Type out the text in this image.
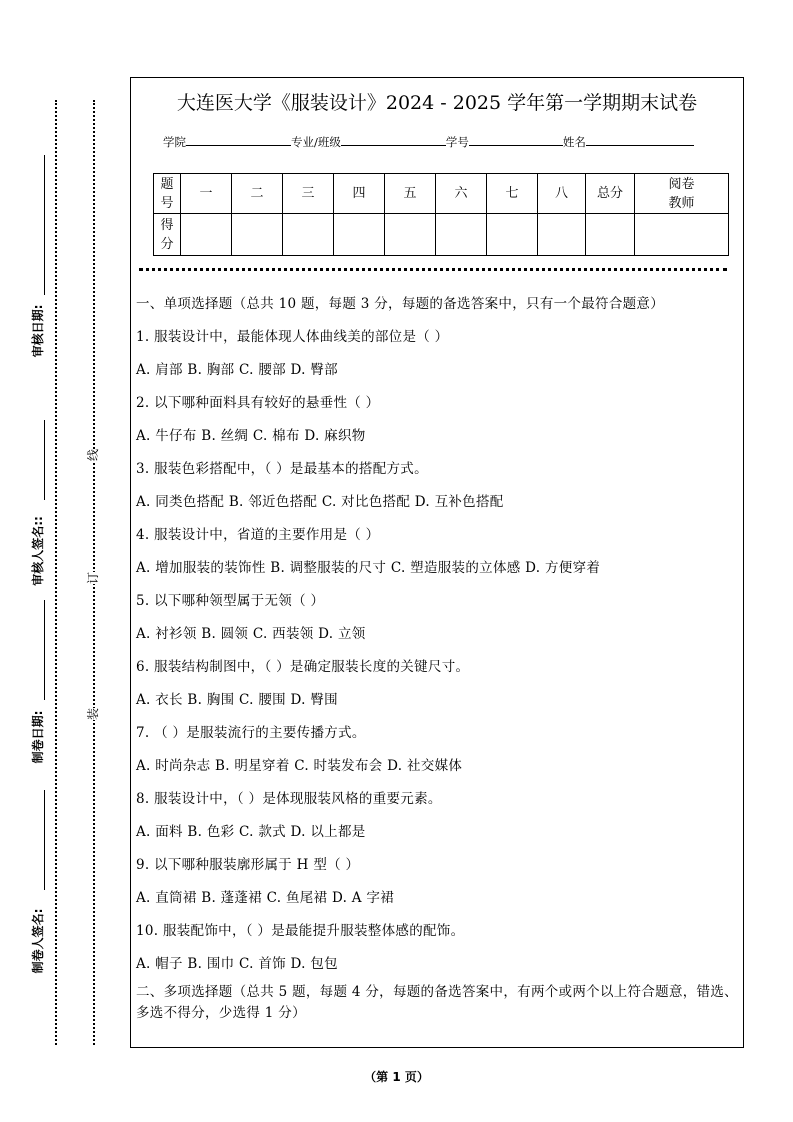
审核日期:
审核人签名::
制卷日期:
制卷人签名:
线
订
装
大连医大学《服装设计》2024 - 2025 学年第一学期期末试卷
学院	专业/班级	学号	姓名
题号	一	二	三	四	五	六	七	八	总分	阅卷教师
得分										
一、单项选择题（总共 10 题，每题 3 分，每题的备选答案中，只有一个最符合题意）
1. 服装设计中，最能体现人体曲线美的部位是（ ）
A. 肩部 B. 胸部 C. 腰部 D. 臀部
2. 以下哪种面料具有较好的悬垂性（ ）
A. 牛仔布 B. 丝绸 C. 棉布 D. 麻织物
3. 服装色彩搭配中，（ ）是最基本的搭配方式。
A. 同类色搭配 B. 邻近色搭配 C. 对比色搭配 D. 互补色搭配
4. 服装设计中，省道的主要作用是（ ）
A. 增加服装的装饰性 B. 调整服装的尺寸 C. 塑造服装的立体感 D. 方便穿着
5. 以下哪种领型属于无领（ ）
A. 衬衫领 B. 圆领 C. 西装领 D. 立领
6. 服装结构制图中，（ ）是确定服装长度的关键尺寸。
A. 衣长 B. 胸围 C. 腰围 D. 臀围
7. （ ）是服装流行的主要传播方式。
A. 时尚杂志 B. 明星穿着 C. 时装发布会 D. 社交媒体
8. 服装设计中，（ ）是体现服装风格的重要元素。
A. 面料 B. 色彩 C. 款式 D. 以上都是
9. 以下哪种服装廓形属于 H 型（ ）
A. 直筒裙 B. 蓬蓬裙 C. 鱼尾裙 D. A 字裙
10. 服装配饰中，（ ）是最能提升服装整体感的配饰。
A. 帽子 B. 围巾 C. 首饰 D. 包包
二、多项选择题（总共 5 题，每题 4 分，每题的备选答案中，有两个或两个以上符合题意，错选、多选不得分，少选得 1 分）
（第 1 页）
